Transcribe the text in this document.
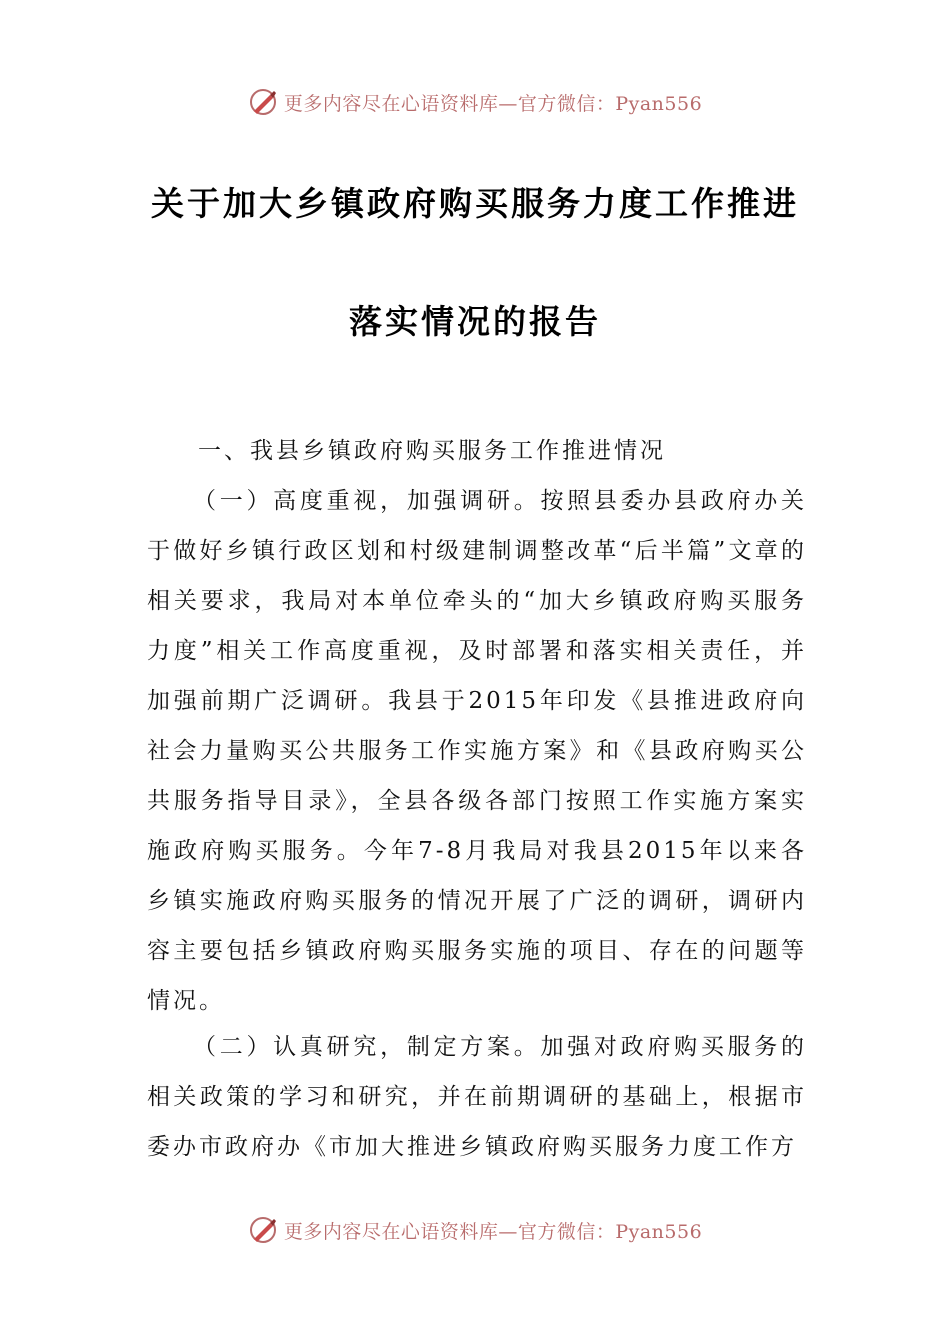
更多内容尽在心语资料库—官方微信：Pyan556
关于加大乡镇政府购买服务力度工作推进
落实情况的报告
一、我县乡镇政府购买服务工作推进情况

（一）高度重视，加强调研。按照县委办县政府办关于做好乡镇行政区划和村级建制调整改革“后半篇”文章的相关要求，我局对本单位牵头的“加大乡镇政府购买服务力度”相关工作高度重视，及时部署和落实相关责任，并加强前期广泛调研。我县于2015年印发《县推进政府向社会力量购买公共服务工作实施方案》和《县政府购买公共服务指导目录》，全县各级各部门按照工作实施方案实施政府购买服务。今年7-8月我局对我县2015年以来各乡镇实施政府购买服务的情况开展了广泛的调研，调研内容主要包括乡镇政府购买服务实施的项目、存在的问题等情况。

（二）认真研究，制定方案。加强对政府购买服务的相关政策的学习和研究，并在前期调研的基础上，根据市委办市政府办《市加大推进乡镇政府购买服务力度工作方

更多内容尽在心语资料库—官方微信：Pyan556
